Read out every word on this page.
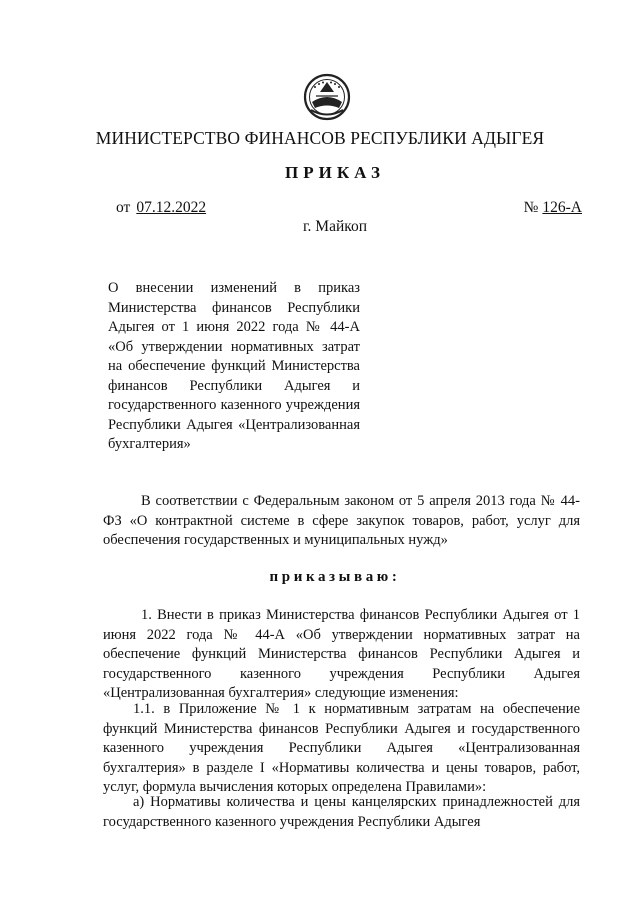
МИНИСТЕРСТВО ФИНАНСОВ РЕСПУБЛИКИ АДЫГЕЯ
ПРИКАЗ
от 07.12.2022	№ 126-А
г. Майкоп
О внесении изменений в приказ Министерства финансов Республики Адыгея от 1 июня 2022 года № 44-А «Об утверждении нормативных затрат на обеспечение функций Министерства финансов Республики Адыгея и государственного казенного учреждения Республики Адыгея «Централизованная бухгалтерия»
В соответствии с Федеральным законом от 5 апреля 2013 года № 44-ФЗ «О контрактной системе в сфере закупок товаров, работ, услуг для обеспечения государственных и муниципальных нужд»
приказываю:
1. Внести в приказ Министерства финансов Республики Адыгея от 1 июня 2022 года № 44-А «Об утверждении нормативных затрат на обеспечение функций Министерства финансов Республики Адыгея и государственного казенного учреждения Республики Адыгея «Централизованная бухгалтерия» следующие изменения:
1.1. в Приложение № 1 к нормативным затратам на обеспечение функций Министерства финансов Республики Адыгея и государственного казенного учреждения Республики Адыгея «Централизованная бухгалтерия» в разделе I «Нормативы количества и цены товаров, работ, услуг, формула вычисления которых определена Правилами»:
а) Нормативы количества и цены канцелярских принадлежностей для государственного казенного учреждения Республики Адыгея
